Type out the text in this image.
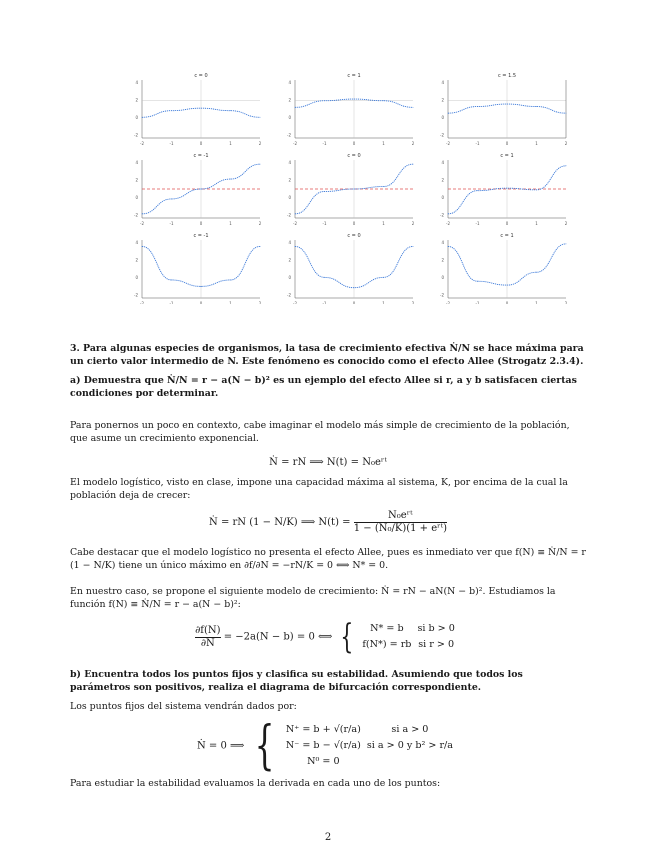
c = 0
-2	-1	0	1	2
4
2
0
-2
c = 1
-2	-1	0	1	2
4
2
0
-2
c = 1.5
-2	-1	0	1	2
4
2
0
-2
c = -1
-2	-1	0	1	2
4
2
0
-2
c = 0
-2	-1	0	1	2
4
2
0
-2
c = 1
-2	-1	0	1	2
4
2
0
-2
c = -1
-2	-1	0	1	2
4
2
0
-2
c = 0
-2	-1	0	1	2
4
2
0
-2
c = 1
-2	-1	0	1	2
4
2
0
-2

3. Para algunas especies de organismos, la tasa de crecimiento efectiva Ṅ/N se hace máxima para un cierto valor intermedio de N. Este fenómeno es conocido como el efecto Allee (Strogatz 2.3.4).

a) Demuestra que Ṅ/N = r − a(N − b)² es un ejemplo del efecto Allee si r, a y b satisfacen ciertas condiciones por determinar.

Para ponernos un poco en contexto, cabe imaginar el modelo más simple de crecimiento de la población, que asume un crecimiento exponencial.

Ṅ = rN ⟹ N(t) = N₀eʳᵗ

El modelo logístico, visto en clase, impone una capacidad máxima al sistema, K, por encima de la cual la población deja de crecer:

Ṅ = rN (1 − N/K) ⟹ $N(t) = \frac{\text{N₀eʳᵗ}}{\text{1 − (N₀/K)(1 + eʳᵗ)}}$

Cabe destacar que el modelo logístico no presenta el efecto Allee, pues es inmediato ver que f(N) ≡ Ṅ/N = r (1 − N/K) tiene un único máximo en ∂f/∂N = −rN/K = 0 ⟺ N* = 0.

En nuestro caso, se propone el siguiente modelo de crecimiento: Ṅ = rN − aN(N − b)². Estudiamos la función f(N) ≡ Ṅ/N = r − a(N − b)²:

$\frac{\partial f(N)}{\partial N} = -2a(N - b) = 0$ ⟺ { N* = b	si b > 0
f(N*) = rb	si r > 0

b) Encuentra todos los puntos fijos y clasifica su estabilidad. Asumiendo que todos los parámetros son positivos, realiza el diagrama de bifurcación correspondiente.

Los puntos fijos del sistema vendrán dados por:

Ṅ = 0 ⟹ { N⁺ = b + √(r/a)	si a > 0
N⁻ = b − √(r/a)	si a > 0 y b² > r/a
N⁰ = 0	

Para estudiar la estabilidad evaluamos la derivada en cada uno de los puntos:

2
